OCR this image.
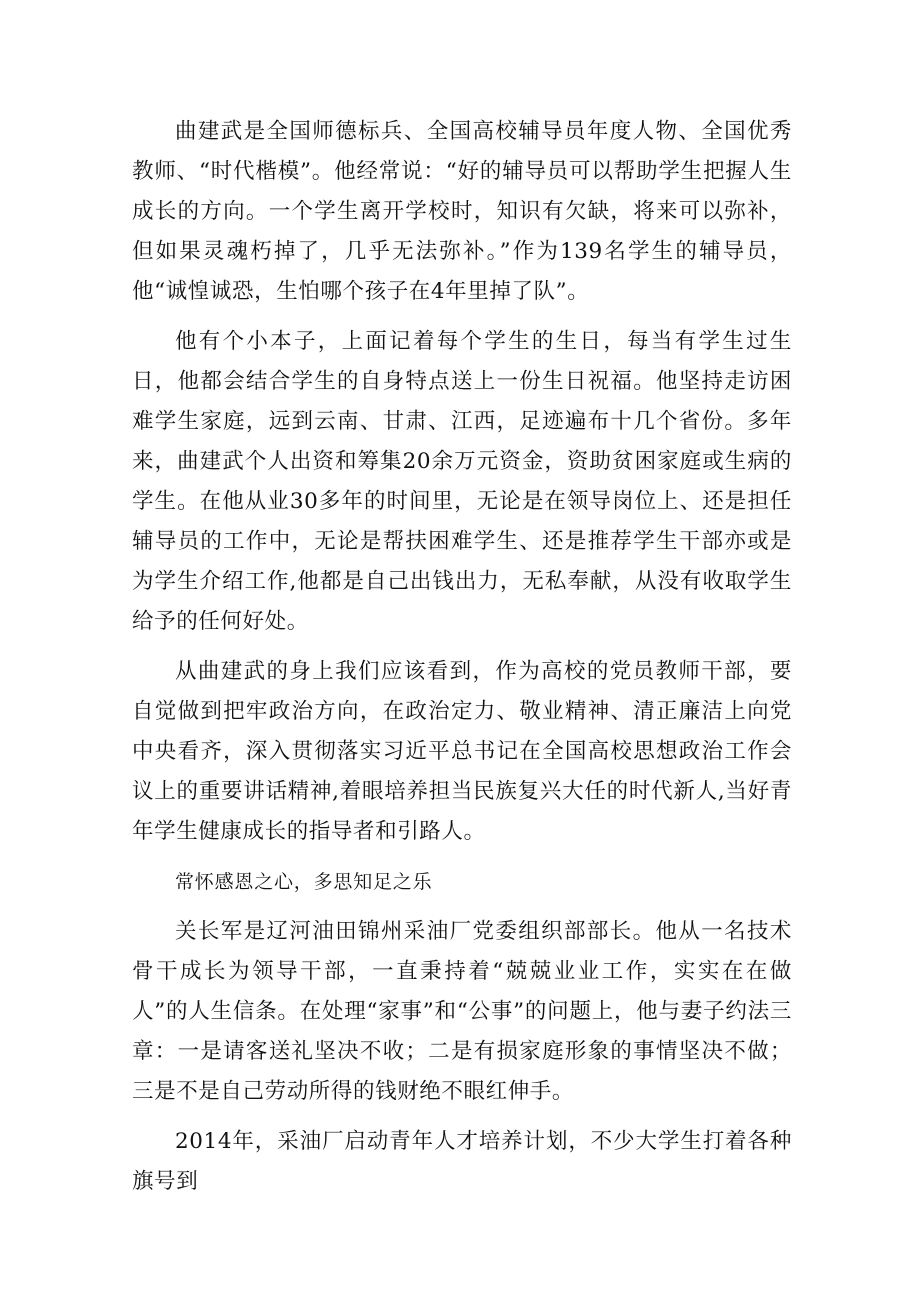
曲建武是全国师德标兵、全国高校辅导员年度人物、全国优秀教师、“时代楷模”。他经常说：“好的辅导员可以帮助学生把握人生成长的方向。一个学生离开学校时，知识有欠缺，将来可以弥补，但如果灵魂朽掉了，几乎无法弥补。”作为139名学生的辅导员，他“诚惶诚恐，生怕哪个孩子在4年里掉了队”。

他有个小本子，上面记着每个学生的生日，每当有学生过生日，他都会结合学生的自身特点送上一份生日祝福。他坚持走访困难学生家庭，远到云南、甘肃、江西，足迹遍布十几个省份。多年来，曲建武个人出资和筹集20余万元资金，资助贫困家庭或生病的学生。在他从业30多年的时间里，无论是在领导岗位上、还是担任辅导员的工作中，无论是帮扶困难学生、还是推荐学生干部亦或是为学生介绍工作,他都是自己出钱出力，无私奉献，从没有收取学生给予的任何好处。

从曲建武的身上我们应该看到，作为高校的党员教师干部，要自觉做到把牢政治方向，在政治定力、敬业精神、清正廉洁上向党中央看齐，深入贯彻落实习近平总书记在全国高校思想政治工作会议上的重要讲话精神,着眼培养担当民族复兴大任的时代新人,当好青年学生健康成长的指导者和引路人。

常怀感恩之心，多思知足之乐

关长军是辽河油田锦州采油厂党委组织部部长。他从一名技术骨干成长为领导干部，一直秉持着“兢兢业业工作，实实在在做人”的人生信条。在处理“家事”和“公事”的问题上，他与妻子约法三章：一是请客送礼坚决不收；二是有损家庭形象的事情坚决不做；三是不是自己劳动所得的钱财绝不眼红伸手。

2014年，采油厂启动青年人才培养计划，不少大学生打着各种旗号到
